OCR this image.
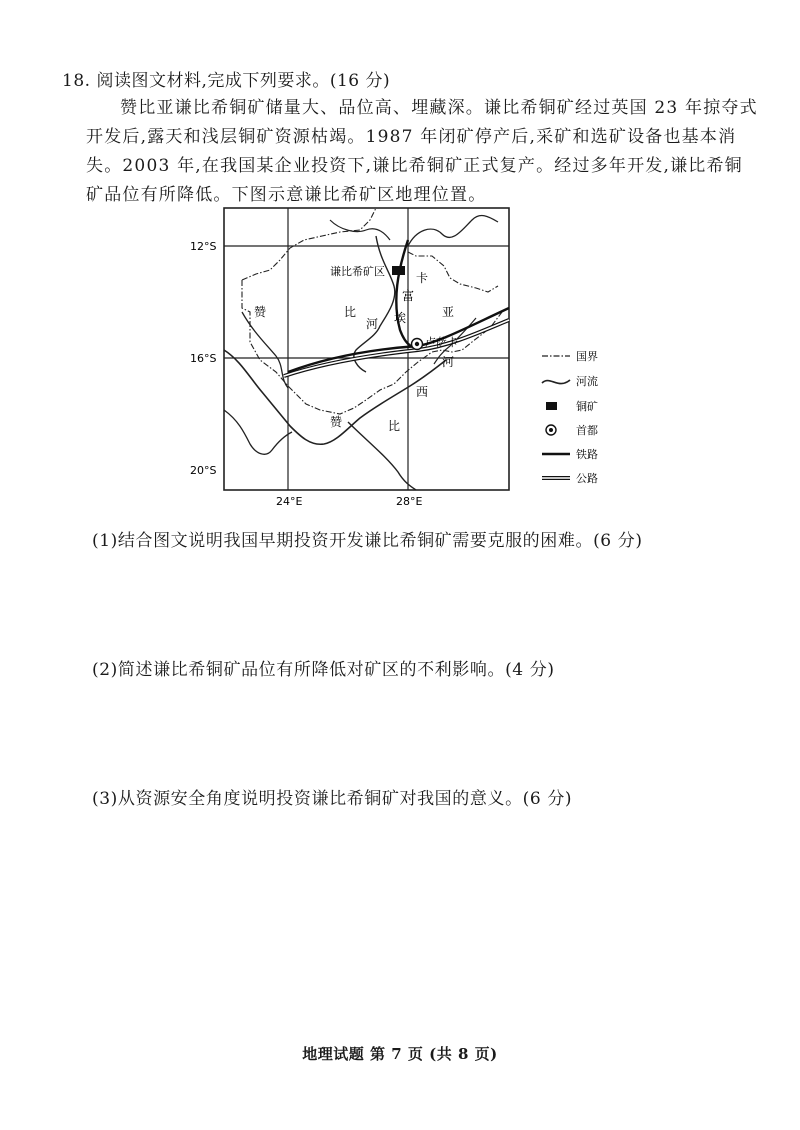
18. 阅读图文材料,完成下列要求。(16 分)
赞比亚谦比希铜矿储量大、品位高、埋藏深。谦比希铜矿经过英国 23 年掠夺式开发后,露天和浅层铜矿资源枯竭。1987 年闭矿停产后,采矿和选矿设备也基本消失。2003 年,在我国某企业投资下,谦比希铜矿正式复产。经过多年开发,谦比希铜矿品位有所降低。下图示意谦比希矿区地理位置。
12°S
16°S
20°S
24°E	28°E
谦比希矿区
卢萨卡
赞	比	亚
卡
富
埃
河
河
西
赞	比
国界
河流
铜矿
首都
铁路
公路
(1)结合图文说明我国早期投资开发谦比希铜矿需要克服的困难。(6 分)
(2)简述谦比希铜矿品位有所降低对矿区的不利影响。(4 分)
(3)从资源安全角度说明投资谦比希铜矿对我国的意义。(6 分)
地理试题 第 7 页 (共 8 页)
